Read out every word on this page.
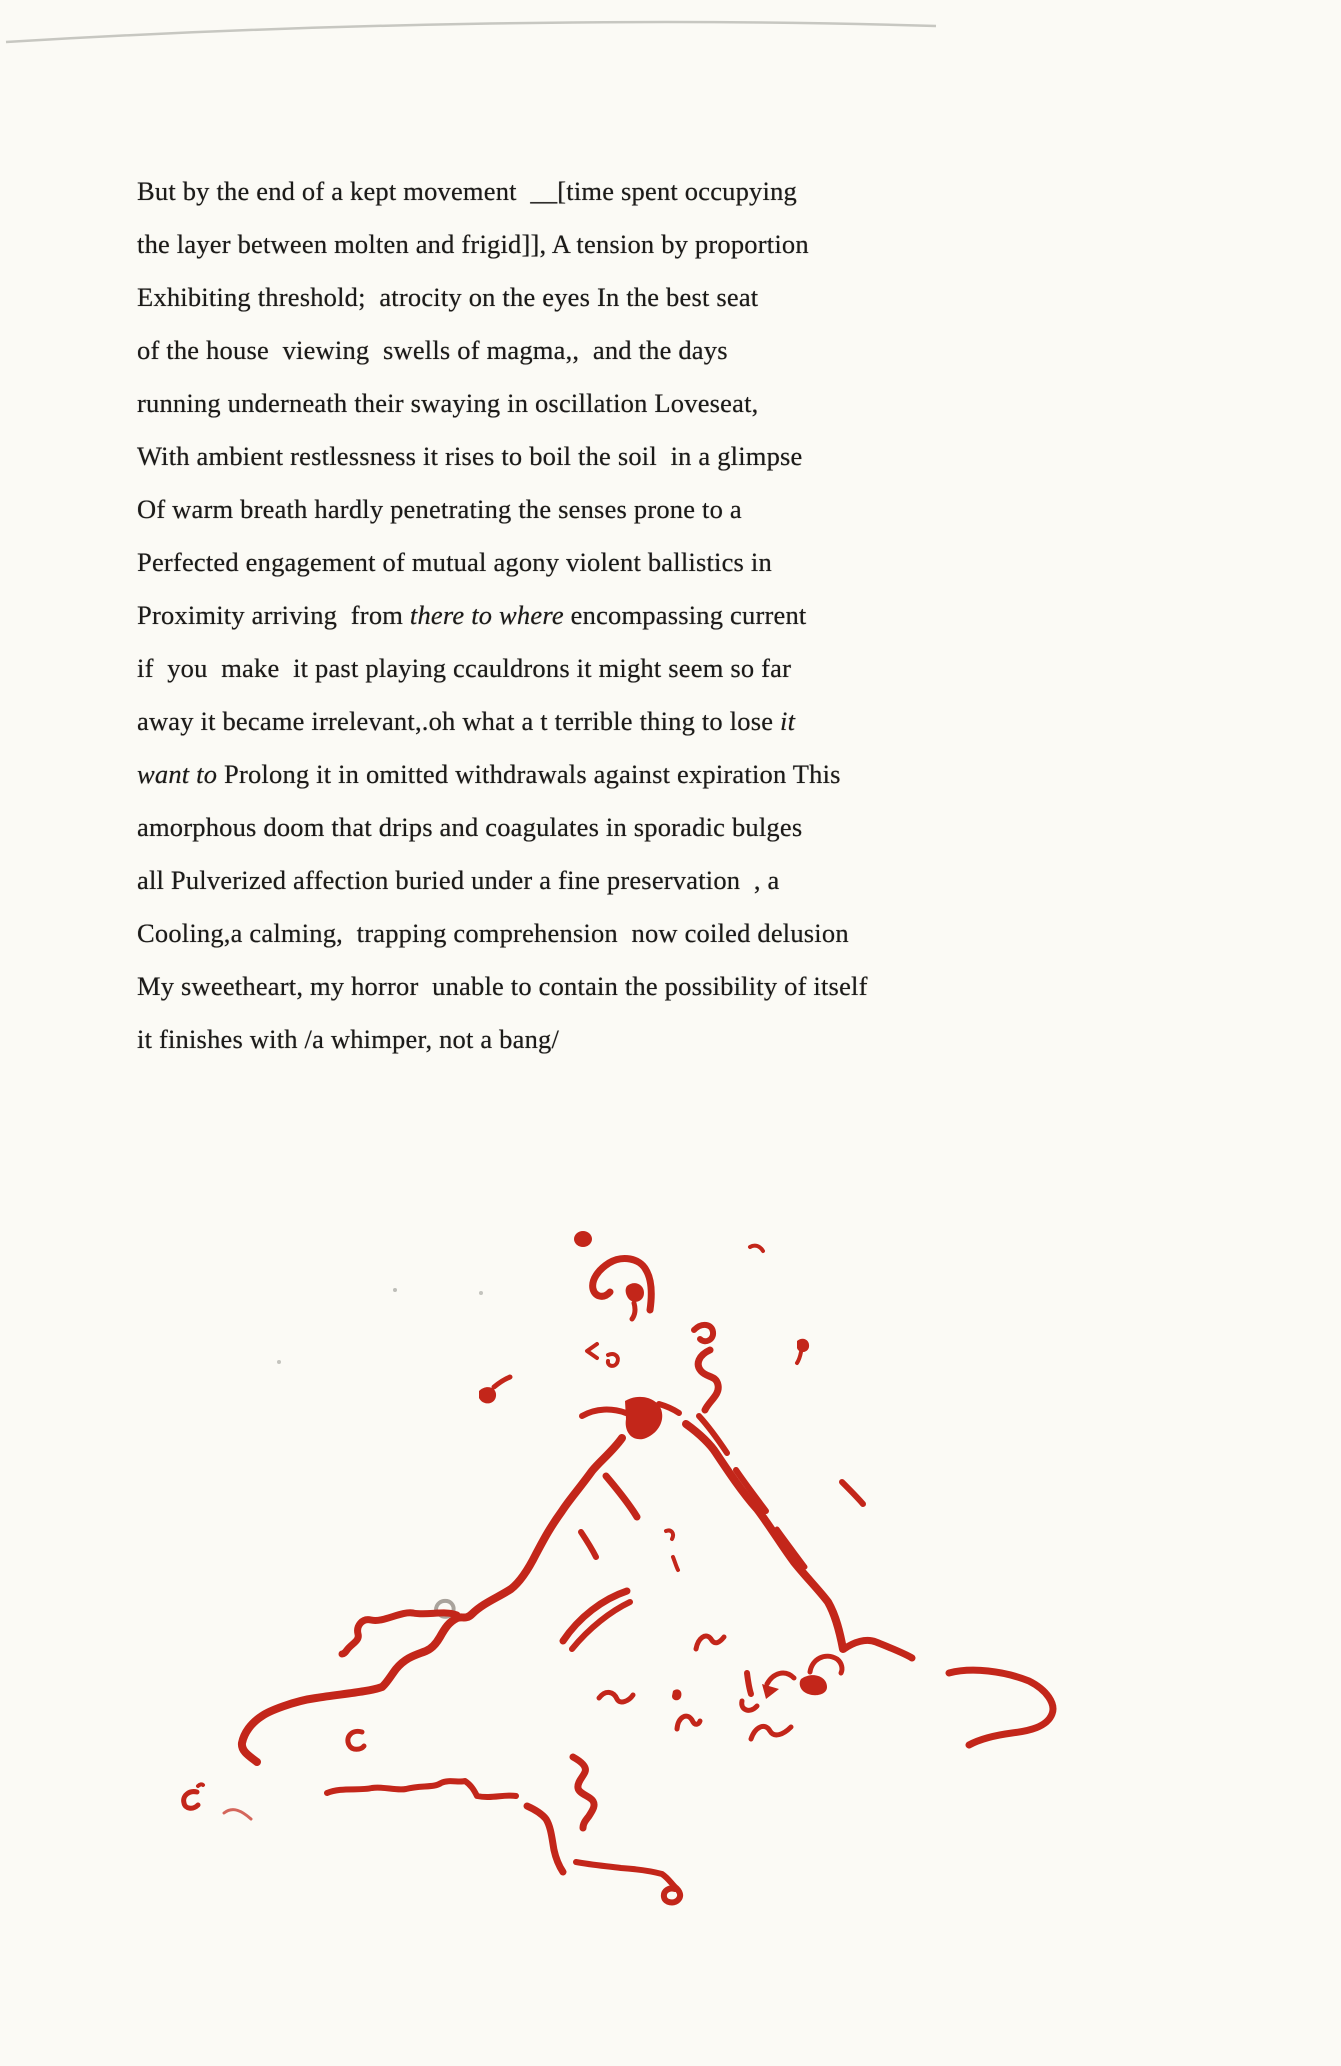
But by the end of a kept movement  __[time spent occupying
the layer between molten and frigid]], A tension by proportion
Exhibiting threshold;  atrocity on the eyes In the best seat
of the house  viewing  swells of magma,,  and the days
running underneath their swaying in oscillation Loveseat,
With ambient restlessness it rises to boil the soil  in a glimpse
Of warm breath hardly penetrating the senses prone to a
Perfected engagement of mutual agony violent ballistics in
Proximity arriving  from there to where encompassing current
if  you  make  it past playing ccauldrons it might seem so far
away it became irrelevant,.oh what a t terrible thing to lose it
want to Prolong it in omitted withdrawals against expiration This
amorphous doom that drips and coagulates in sporadic bulges
all Pulverized affection buried under a fine preservation  , a
Cooling,a calming,  trapping comprehension  now coiled delusion
My sweetheart, my horror  unable to contain the possibility of itself
it finishes with /a whimper, not a bang/
